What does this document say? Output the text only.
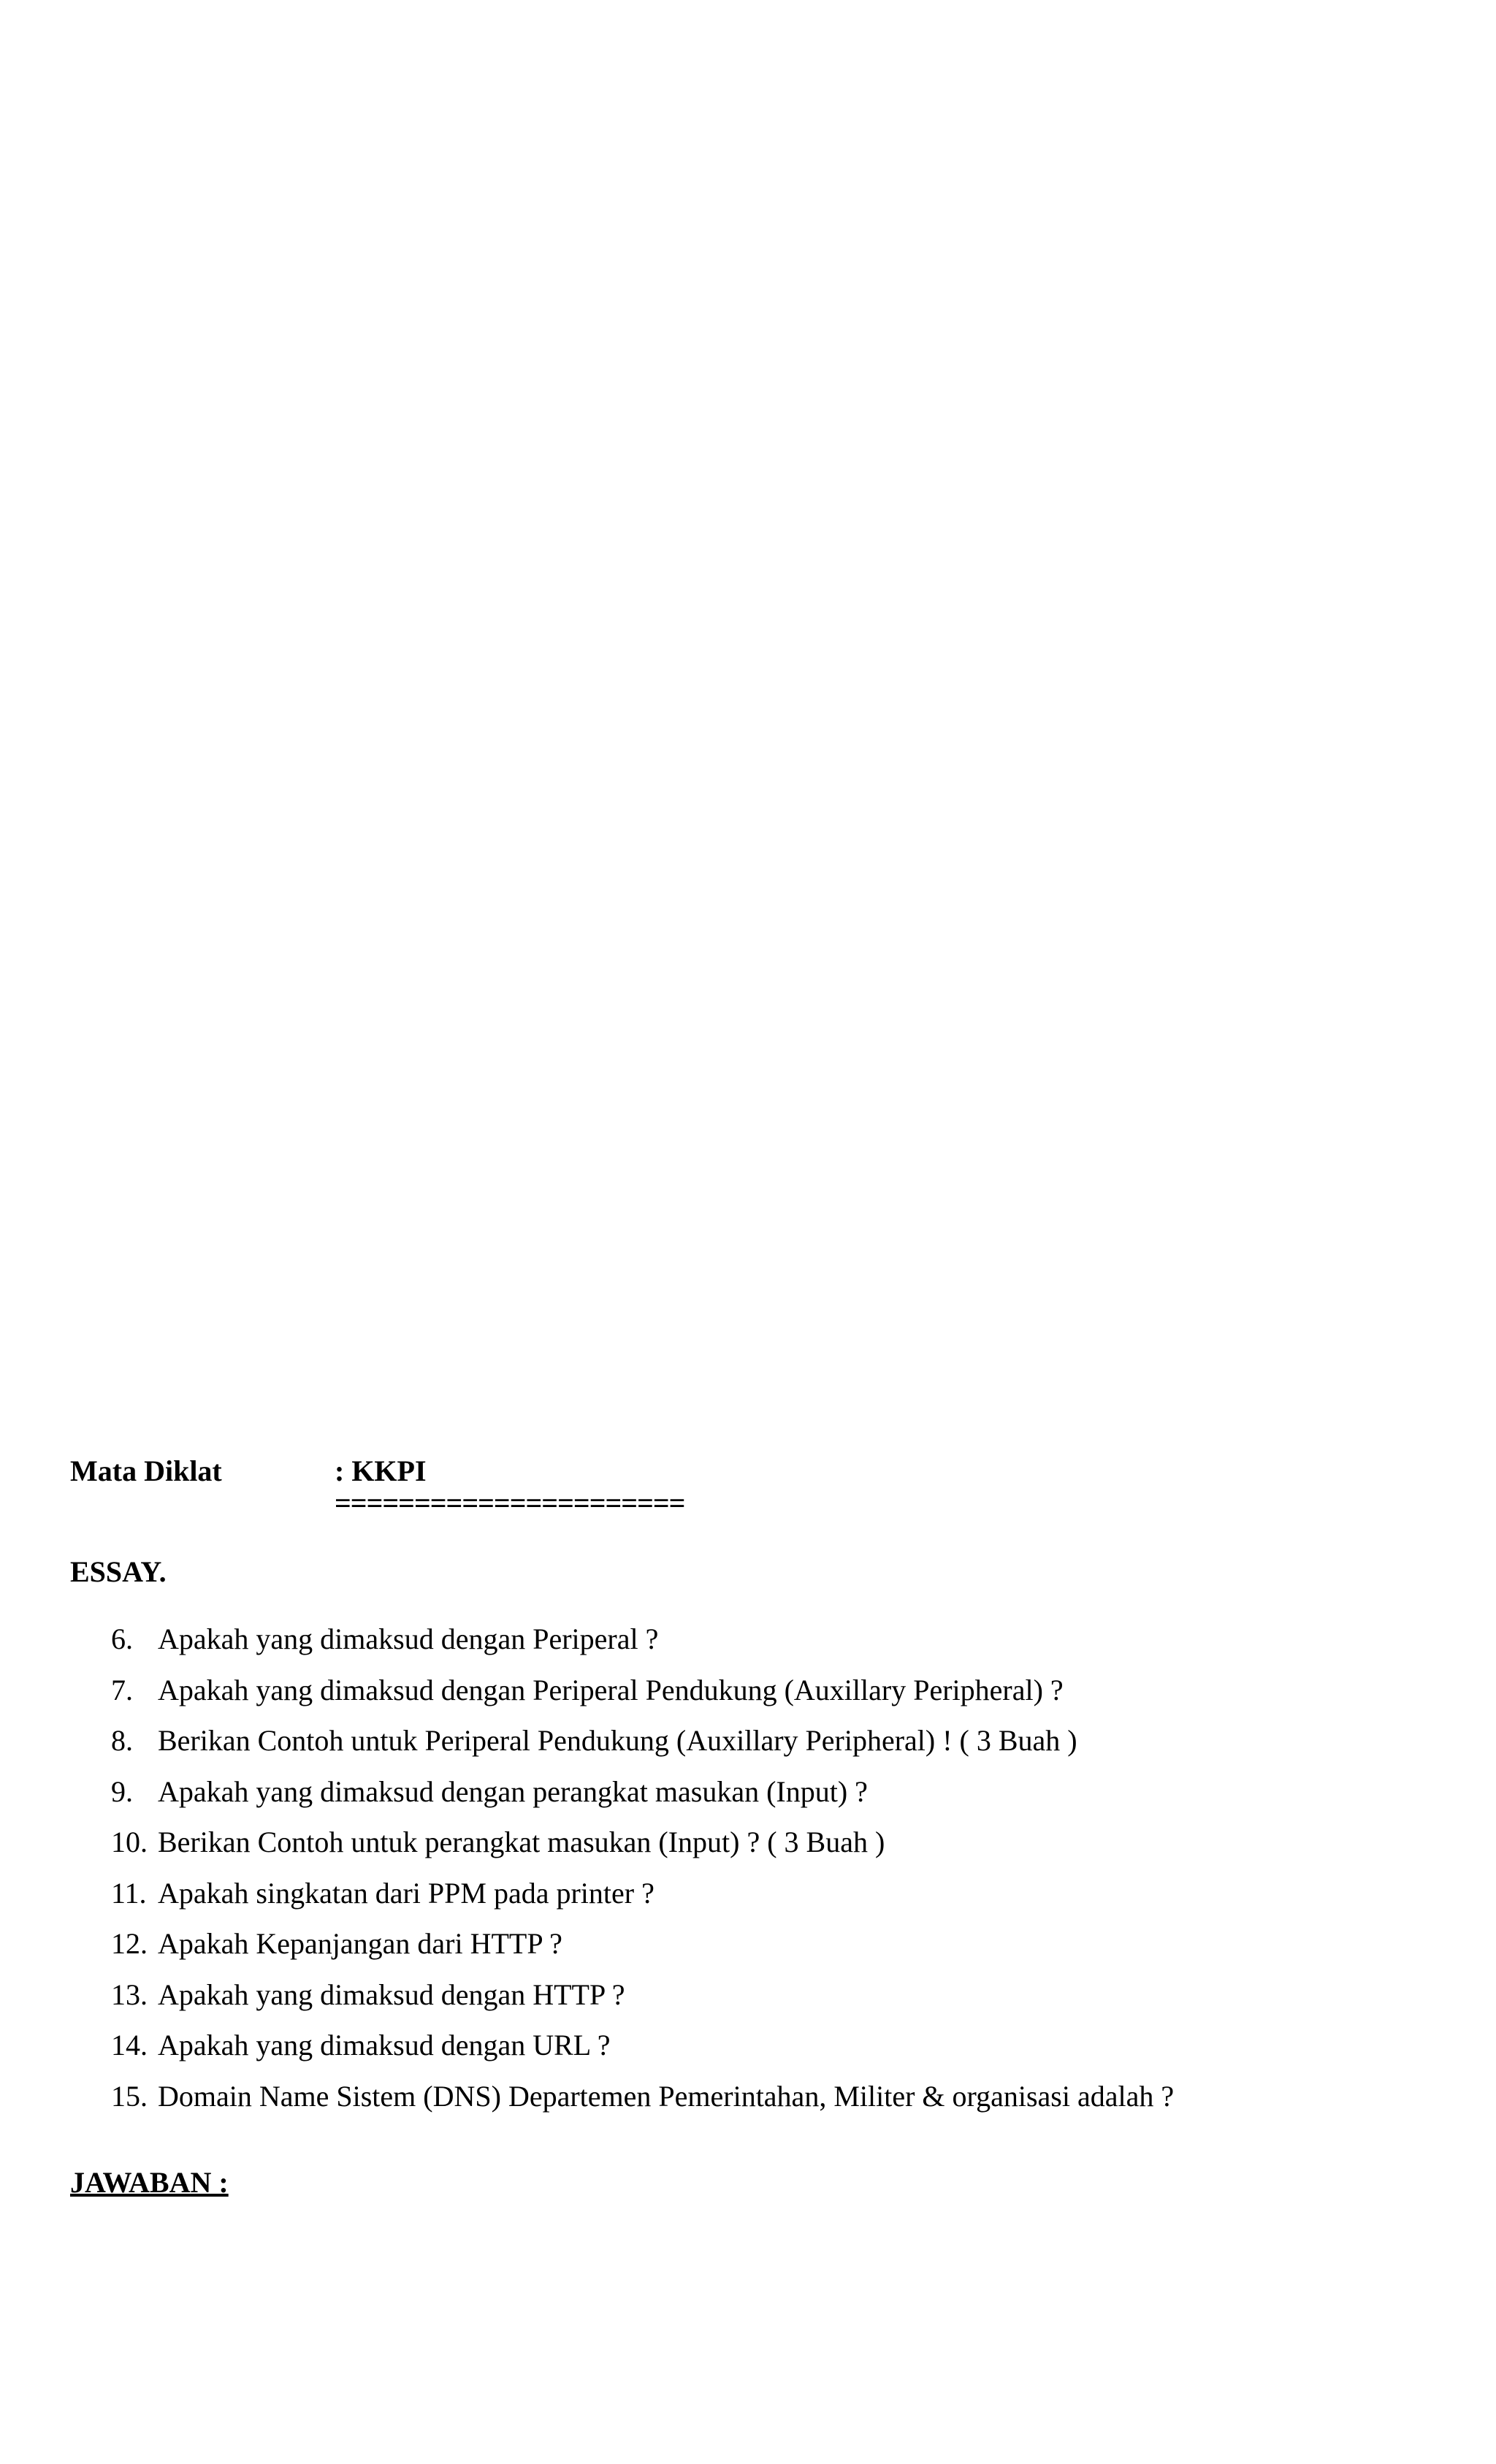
Mata Diklat	: KKPI
======================
ESSAY.
6. Apakah yang dimaksud dengan Periperal ?
7. Apakah yang dimaksud dengan Periperal Pendukung (Auxillary Peripheral) ?
8. Berikan Contoh untuk Periperal Pendukung (Auxillary Peripheral) ! ( 3 Buah )
9. Apakah yang dimaksud dengan perangkat masukan (Input) ?
10. Berikan Contoh untuk perangkat masukan (Input) ? ( 3 Buah )
11. Apakah singkatan dari PPM pada printer ?
12. Apakah Kepanjangan dari HTTP ?
13. Apakah yang dimaksud dengan HTTP ?
14. Apakah yang dimaksud dengan URL ?
15. Domain Name Sistem (DNS) Departemen Pemerintahan, Militer & organisasi adalah ?
JAWABAN :
